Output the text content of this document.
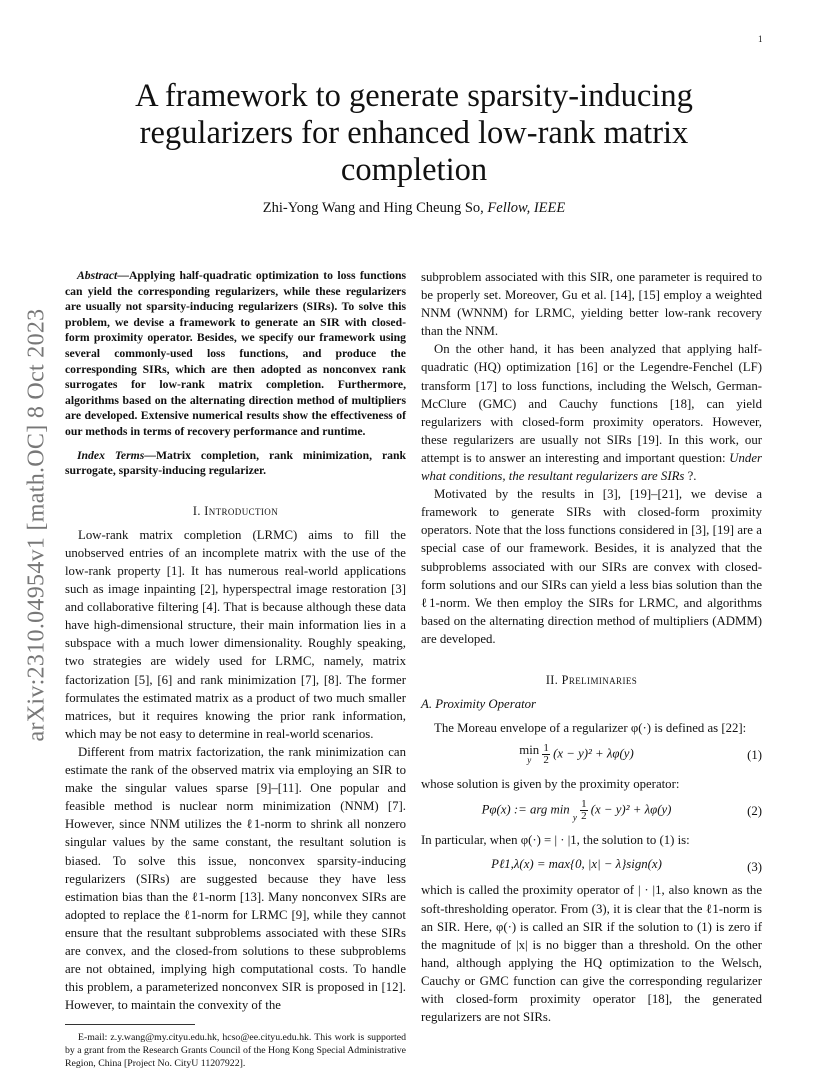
1
arXiv:2310.04954v1 [math.OC] 8 Oct 2023
A framework to generate sparsity-inducing regularizers for enhanced low-rank matrix completion
Zhi-Yong Wang and Hing Cheung So, Fellow, IEEE

Abstract—Applying half-quadratic optimization to loss functions can yield the corresponding regularizers, while these regularizers are usually not sparsity-inducing regularizers (SIRs). To solve this problem, we devise a framework to generate an SIR with closed-form proximity operator. Besides, we specify our framework using several commonly-used loss functions, and produce the corresponding SIRs, which are then adopted as nonconvex rank surrogates for low-rank matrix completion. Furthermore, algorithms based on the alternating direction method of multipliers are developed. Extensive numerical results show the effectiveness of our methods in terms of recovery performance and runtime.

Index Terms—Matrix completion, rank minimization, rank surrogate, sparsity-inducing regularizer.

I. Introduction

Low-rank matrix completion (LRMC) aims to fill the unobserved entries of an incomplete matrix with the use of the low-rank property [1]. It has numerous real-world applications such as image inpainting [2], hyperspectral image restoration [3] and collaborative filtering [4]. That is because although these data have high-dimensional structure, their main information lies in a subspace with a much lower dimensionality. Roughly speaking, two strategies are widely used for LRMC, namely, matrix factorization [5], [6] and rank minimization [7], [8]. The former formulates the estimated matrix as a product of two much smaller matrices, but it requires knowing the prior rank information, which may be not easy to determine in real-world scenarios.

Different from matrix factorization, the rank minimization can estimate the rank of the observed matrix via employing an SIR to make the singular values sparse [9]–[11]. One popular and feasible method is nuclear norm minimization (NNM) [7]. However, since NNM utilizes the ℓ1-norm to shrink all nonzero singular values by the same constant, the resultant solution is biased. To solve this issue, nonconvex sparsity-inducing regularizers (SIRs) are suggested because they have less estimation bias than the ℓ1-norm [13]. Many nonconvex SIRs are adopted to replace the ℓ1-norm for LRMC [9], while they cannot ensure that the resultant subproblems associated with these SIRs are convex, and the closed-from solutions to these subproblems are not obtained, implying high computational costs. To handle this problem, a parameterized nonconvex SIR is proposed in [12]. However, to maintain the convexity of the

E-mail: z.y.wang@my.cityu.edu.hk, hcso@ee.cityu.edu.hk. This work is supported by a grant from the Research Grants Council of the Hong Kong Special Administrative Region, China [Project No. CityU 11207922].

subproblem associated with this SIR, one parameter is required to be properly set. Moreover, Gu et al. [14], [15] employ a weighted NNM (WNNM) for LRMC, yielding better low-rank recovery than the NNM.

On the other hand, it has been analyzed that applying half-quadratic (HQ) optimization [16] or the Legendre-Fenchel (LF) transform [17] to loss functions, including the Welsch, German-McClure (GMC) and Cauchy functions [18], can yield regularizers with closed-form proximity operators. However, these regularizers are usually not SIRs [19]. In this work, our attempt is to answer an interesting and important question: Under what conditions, the resultant regularizers are SIRs ?.

Motivated by the results in [3], [19]–[21], we devise a framework to generate SIRs with closed-form proximity operators. Note that the loss functions considered in [3], [19] are a special case of our framework. Besides, it is analyzed that the subproblems associated with our SIRs are convex with closed-form solutions and our SIRs can yield a less bias solution than the ℓ1-norm. We then employ the SIRs for LRMC, and algorithms based on the alternating direction method of multipliers (ADMM) are developed.

II. Preliminaries
A. Proximity Operator

The Moreau envelope of a regularizer φ(·) is defined as [22]:

min
y
	$\frac{1}{2} (x - y)^2 + \lambda\varphi(y)$	(1)

whose solution is given by the proximity operator:

Pφ(x) := arg $\min _y \frac{1}{2} (x - y)^2 + \lambda\varphi(y)$	(2)

In particular, when φ(·) = | · |1, the solution to (1) is:

Pℓ1,λ(x) = max{0, |x| − λ}sign(x)	(3)

which is called the proximity operator of | · |1, also known as the soft-thresholding operator. From (3), it is clear that the ℓ1-norm is an SIR. Here, φ(·) is called an SIR if the solution to (1) is zero if the magnitude of |x| is no bigger than a threshold. On the other hand, although applying the HQ optimization to the Welsch, Cauchy or GMC function can give the corresponding regularizer with closed-form proximity operator [18], the generated regularizers are not SIRs.
